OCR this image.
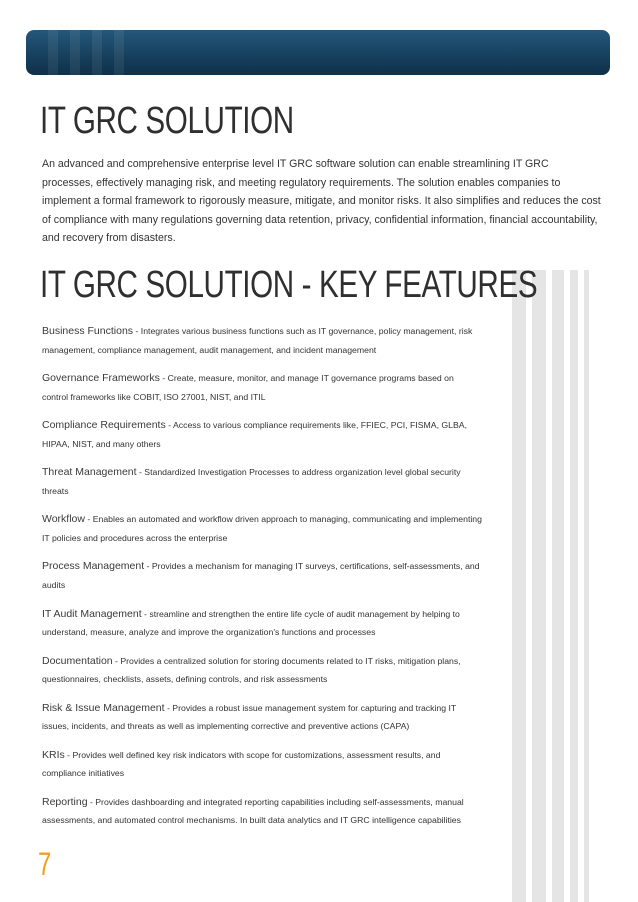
IT GRC SOLUTION

An advanced and comprehensive enterprise level IT GRC software solution can enable streamlining IT GRC processes, effectively managing risk, and meeting regulatory requirements. The solution enables companies to implement a formal framework to rigorously measure, mitigate, and monitor risks. It also simplifies and reduces the cost of compliance with many regulations governing data retention, privacy, confidential information, financial accountability, and recovery from disasters.

IT GRC SOLUTION - KEY FEATURES
Business Functions - Integrates various business functions such as IT governance, policy management, risk management, compliance management, audit management, and incident management
Governance Frameworks - Create, measure, monitor, and manage IT governance programs based on control frameworks like COBIT, ISO 27001, NIST, and ITIL
Compliance Requirements - Access to various compliance requirements like, FFIEC, PCI, FISMA, GLBA, HIPAA, NIST, and many others
Threat Management - Standardized Investigation Processes to address organization level global security threats
Workflow - Enables an automated and workflow driven approach to managing, communicating and implementing IT policies and procedures across the enterprise
Process Management - Provides a mechanism for managing IT surveys, certifications, self-assessments, and audits
IT Audit Management - streamline and strengthen the entire life cycle of audit management by helping to understand, measure, analyze and improve the organization's functions and processes
Documentation - Provides a centralized solution for storing documents related to IT risks, mitigation plans, questionnaires, checklists, assets, defining controls, and risk assessments
Risk & Issue Management - Provides a robust issue management system for capturing and tracking IT issues, incidents, and threats as well as implementing corrective and preventive actions (CAPA)
KRIs - Provides well defined key risk indicators with scope for customizations, assessment results, and compliance initiatives
Reporting - Provides dashboarding and integrated reporting capabilities including self-assessments, manual assessments, and automated control mechanisms. In built data analytics and IT GRC intelligence capabilities
7
